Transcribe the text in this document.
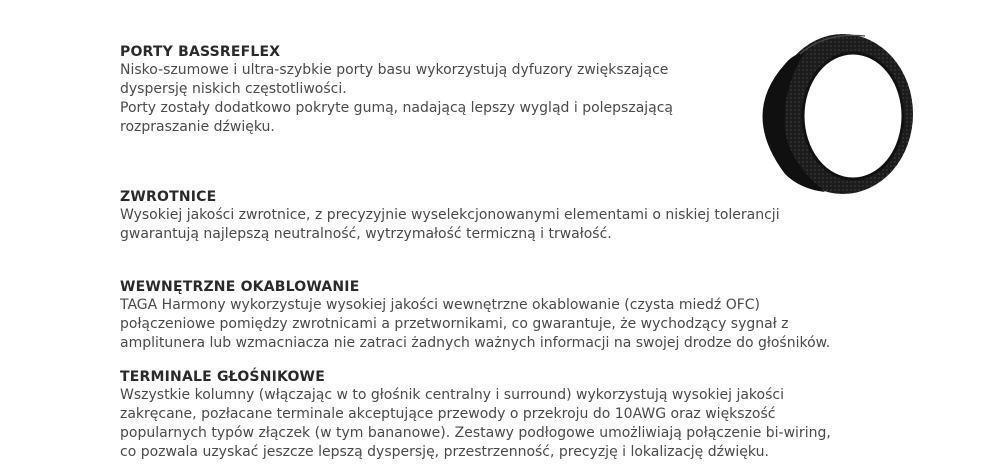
PORTY BASSREFLEX
Nisko-szumowe i ultra-szybkie porty basu wykorzystują dyfuzory zwiększające
dyspersję niskich częstotliwości.
Porty zostały dodatkowo pokryte gumą, nadającą lepszy wygląd i polepszającą
rozpraszanie dźwięku.
ZWROTNICE
Wysokiej jakości zwrotnice, z precyzyjnie wyselekcjonowanymi elementami o niskiej tolerancji
gwarantują najlepszą neutralność, wytrzymałość termiczną i trwałość.
WEWNĘTRZNE OKABLOWANIE
TAGA Harmony wykorzystuje wysokiej jakości wewnętrzne okablowanie (czysta miedź OFC)
połączeniowe pomiędzy zwrotnicami a przetwornikami, co gwarantuje, że wychodzący sygnał z
amplitunera lub wzmacniacza nie zatraci żadnych ważnych informacji na swojej drodze do głośników.
TERMINALE GŁOŚNIKOWE
Wszystkie kolumny (włączając w to głośnik centralny i surround) wykorzystują wysokiej jakości
zakręcane, pozłacane terminale akceptujące przewody o przekroju do 10AWG oraz większość
popularnych typów złączek (w tym bananowe). Zestawy podłogowe umożliwiają połączenie bi-wiring,
co pozwala uzyskać jeszcze lepszą dyspersję, przestrzenność, precyzję i lokalizację dźwięku.
